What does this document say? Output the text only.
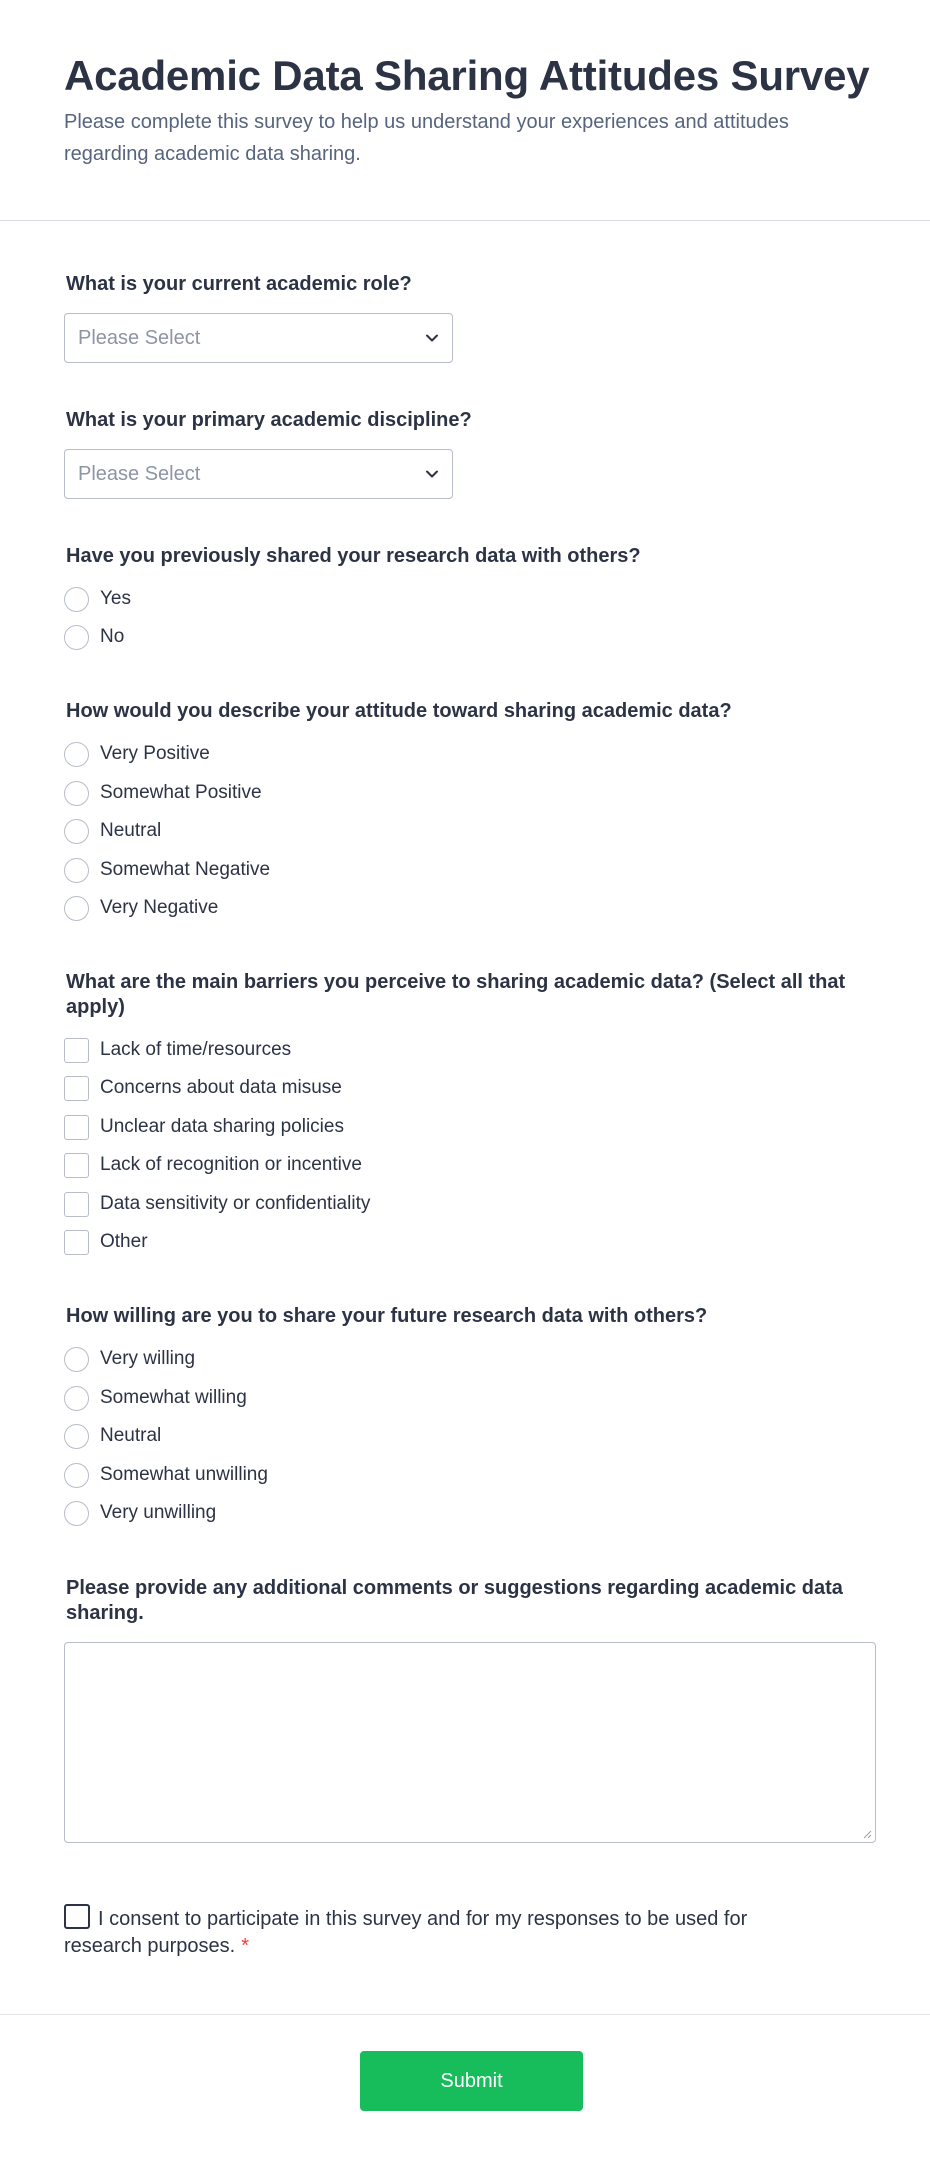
Academic Data Sharing Attitudes Survey

Please complete this survey to help us understand your experiences and attitudes regarding academic data sharing.

What is your current academic role?
Please Select
What is your primary academic discipline?
Please Select
Have you previously shared your research data with others?
Yes
No
How would you describe your attitude toward sharing academic data?
Very Positive
Somewhat Positive
Neutral
Somewhat Negative
Very Negative
What are the main barriers you perceive to sharing academic data? (Select all that apply)
Lack of time/resources
Concerns about data misuse
Unclear data sharing policies
Lack of recognition or incentive
Data sensitivity or confidentiality
Other
How willing are you to share your future research data with others?
Very willing
Somewhat willing
Neutral
Somewhat unwilling
Very unwilling
Please provide any additional comments or suggestions regarding academic data sharing.
I consent to participate in this survey and for my responses to be used for research purposes. *
Submit
